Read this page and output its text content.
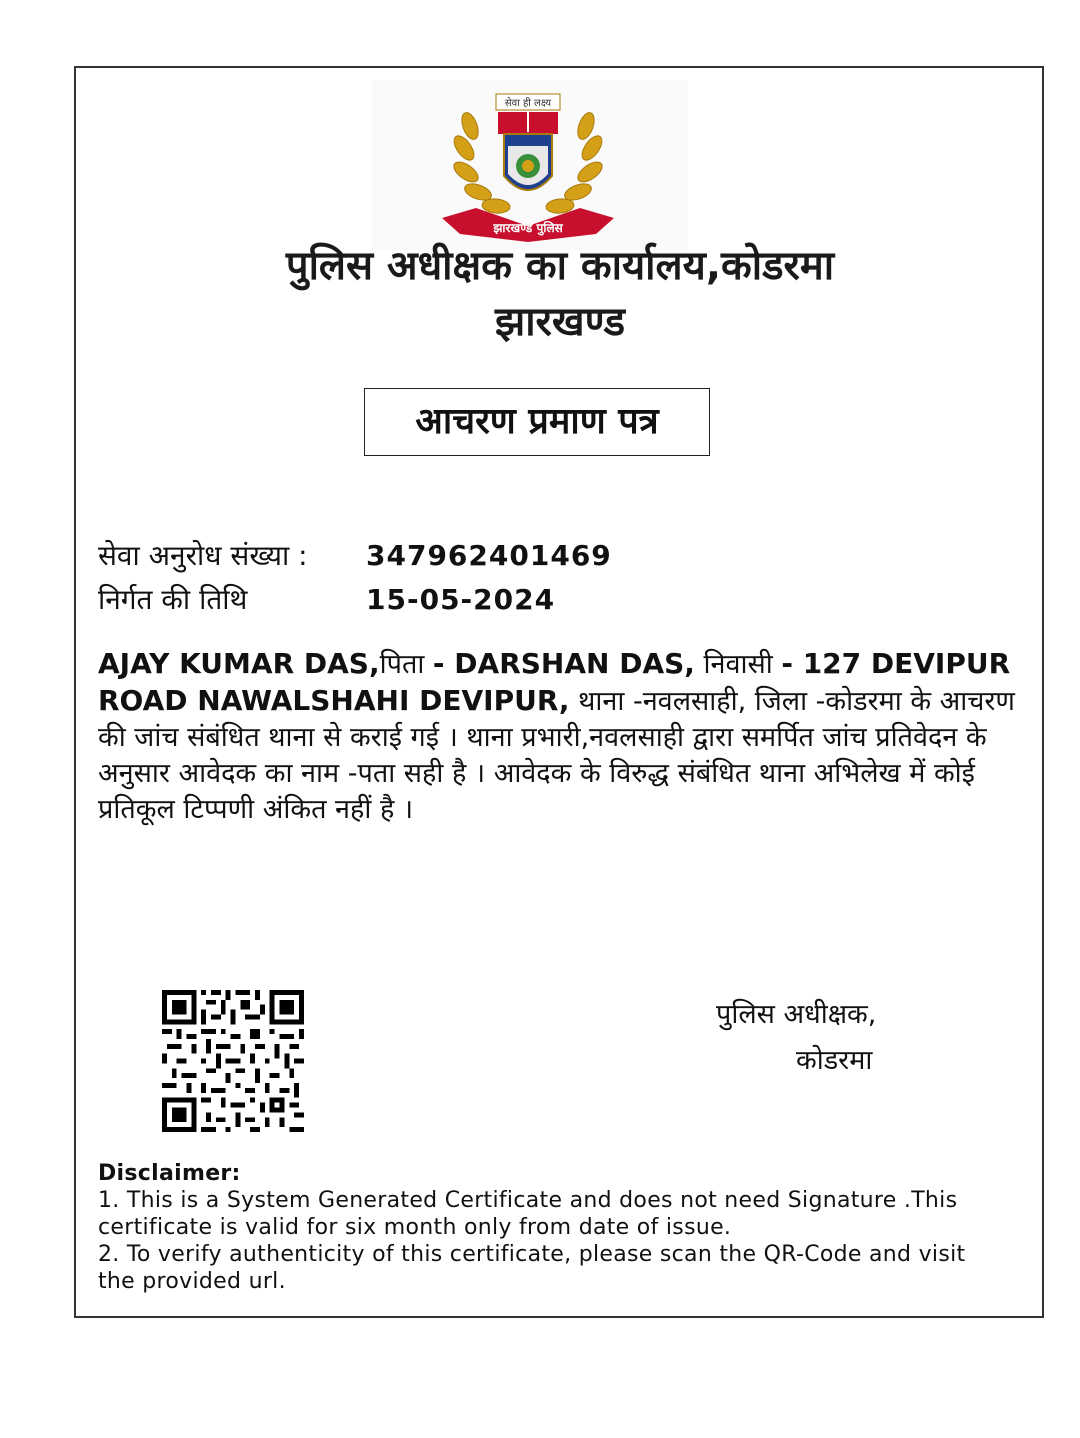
सेवा ही लक्ष्य
झारखण्ड पुलिस
पुलिस अधीक्षक का कार्यालय,कोडरमा
झारखण्ड
आचरण प्रमाण पत्र
सेवा अनुरोध संख्या : 347962401469
निर्गत की तिथि	15-05-2024
AJAY KUMAR DAS,पिता - DARSHAN DAS, निवासी - 127 DEVIPUR ROAD NAWALSHAHI DEVIPUR, थाना -नवलसाही, जिला -कोडरमा के आचरण की जांच संबंधित थाना से कराई गई । थाना प्रभारी,नवलसाही द्वारा समर्पित जांच प्रतिवेदन के अनुसार आवेदक का नाम -पता सही है । आवेदक के विरुद्ध संबंधित थाना अभिलेख में कोई प्रतिकूल टिप्पणी अंकित नहीं है ।
पुलिस अधीक्षक,
कोडरमा
Disclaimer:
1. This is a System Generated Certificate and does not need Signature .This certificate is valid for six month only from date of issue.
2. To verify authenticity of this certificate, please scan the QR-Code and visit the provided url.
